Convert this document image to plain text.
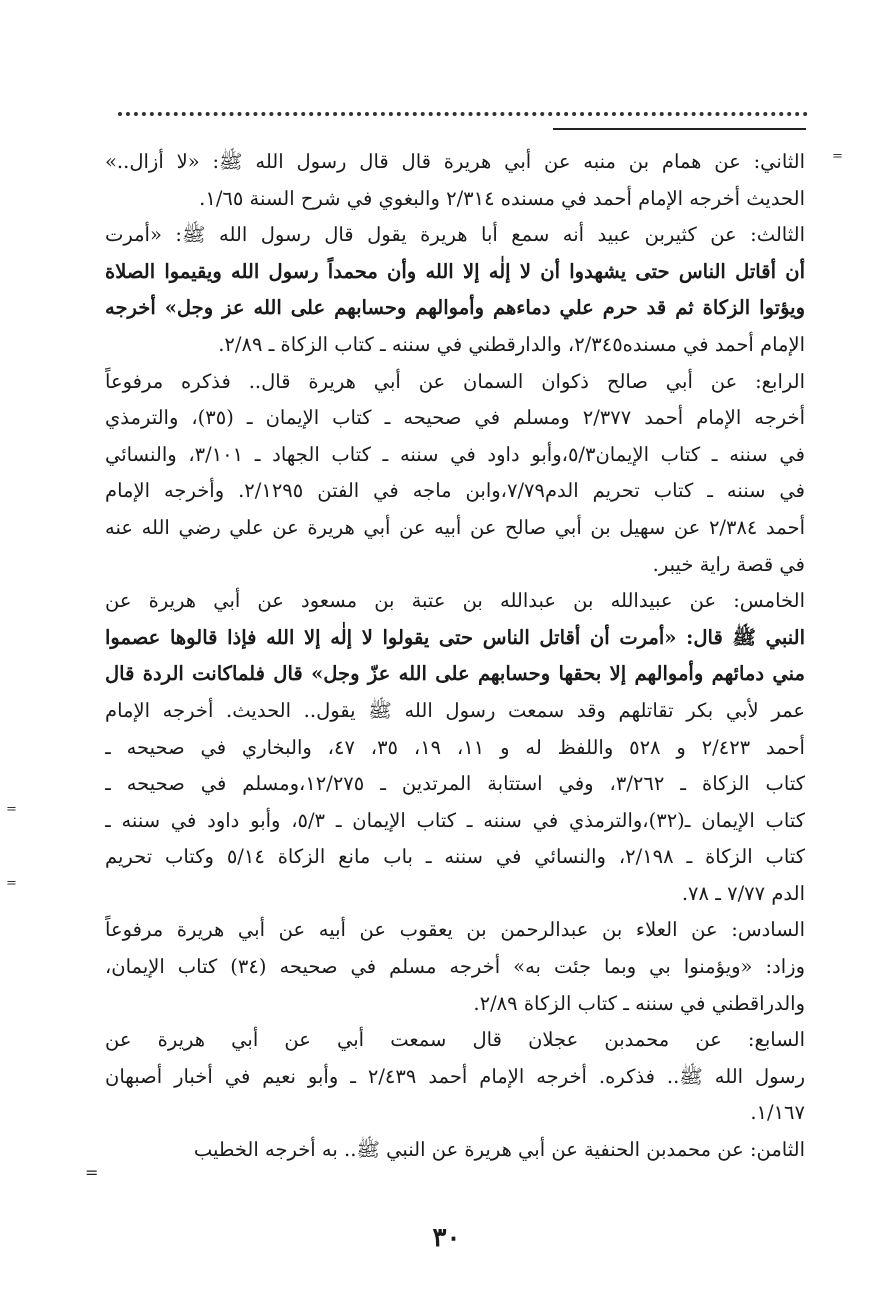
=
=
=
الثاني: عن همام بن منبه عن أبي هريرة قال قال رسول الله ﷺ: «لا أزال..»
الحديث أخرجه الإمام أحمد في مسنده ٢/٣١٤ والبغوي في شرح السنة ١/٦٥.
الثالث: عن كثيربن عبيد أنه سمع أبا هريرة يقول قال رسول الله ﷺ: «أمرت
أن أقاتل الناس حتى يشهدوا أن لا إلٰه إلا الله وأن محمداً رسول الله ويقيموا الصلاة
ويؤتوا الزكاة ثم قد حرم علي دماءهم وأموالهم وحسابهم على الله عز وجل» أخرجه
الإمام أحمد في مسنده٢/٣٤٥، والدارقطني في سننه ـ كتاب الزكاة ـ ٢/٨٩.
الرابع: عن أبي صالح ذكوان السمان عن أبي هريرة قال.. فذكره مرفوعاً
أخرجه الإمام أحمد ٢/٣٧٧ ومسلم في صحيحه ـ كتاب الإيمان ـ (٣٥)، والترمذي
في سننه ـ كتاب الإيمان٥/٣،وأبو داود في سننه ـ كتاب الجهاد ـ ٣/١٠١، والنسائي
في سننه ـ كتاب تحريم الدم٧/٧٩،وابن ماجه في الفتن ٢/١٢٩٥. وأخرجه الإمام
أحمد ٢/٣٨٤ عن سهيل بن أبي صالح عن أبيه عن أبي هريرة عن علي رضي الله عنه
في قصة راية خيبر.
الخامس: عن عبيدالله بن عبدالله بن عتبة بن مسعود عن أبي هريرة عن
النبي ﷺ قال: «أمرت أن أقاتل الناس حتى يقولوا لا إلٰه إلا الله فإذا قالوها عصموا
مني دمائهم وأموالهم إلا بحقها وحسابهم على الله عزّ وجل» قال فلماكانت الردة قال
عمر لأبي بكر تقاتلهم وقد سمعت رسول الله ﷺ يقول.. الحديث. أخرجه الإمام
أحمد ٢/٤٢٣ و ٥٢٨ واللفظ له و ١١، ١٩، ٣٥، ٤٧، والبخاري في صحيحه ـ
كتاب الزكاة ـ ٣/٢٦٢، وفي استتابة المرتدين ـ ١٢/٢٧٥،ومسلم في صحيحه ـ
كتاب الإيمان ـ(٣٢)،والترمذي في سننه ـ كتاب الإيمان ـ ٥/٣، وأبو داود في سننه ـ
كتاب الزكاة ـ ٢/١٩٨، والنسائي في سننه ـ باب مانع الزكاة ٥/١٤ وكتاب تحريم
الدم ٧/٧٧ ـ ٧٨.
السادس: عن العلاء بن عبدالرحمن بن يعقوب عن أبيه عن أبي هريرة مرفوعاً
وزاد: «ويؤمنوا بي وبما جئت به» أخرجه مسلم في صحيحه (٣٤) كتاب الإيمان،
والدراقطني في سننه ـ كتاب الزكاة ٢/٨٩.
السابع: عن محمدبن عجلان قال سمعت أبي عن أبي هريرة عن
رسول الله ﷺ.. فذكره. أخرجه الإمام أحمد ٢/٤٣٩ ـ وأبو نعيم في أخبار أصبهان
١/١٦٧.
الثامن: عن محمدبن الحنفية عن أبي هريرة عن النبي ﷺ.. به أخرجه الخطيب
=
٣٠
